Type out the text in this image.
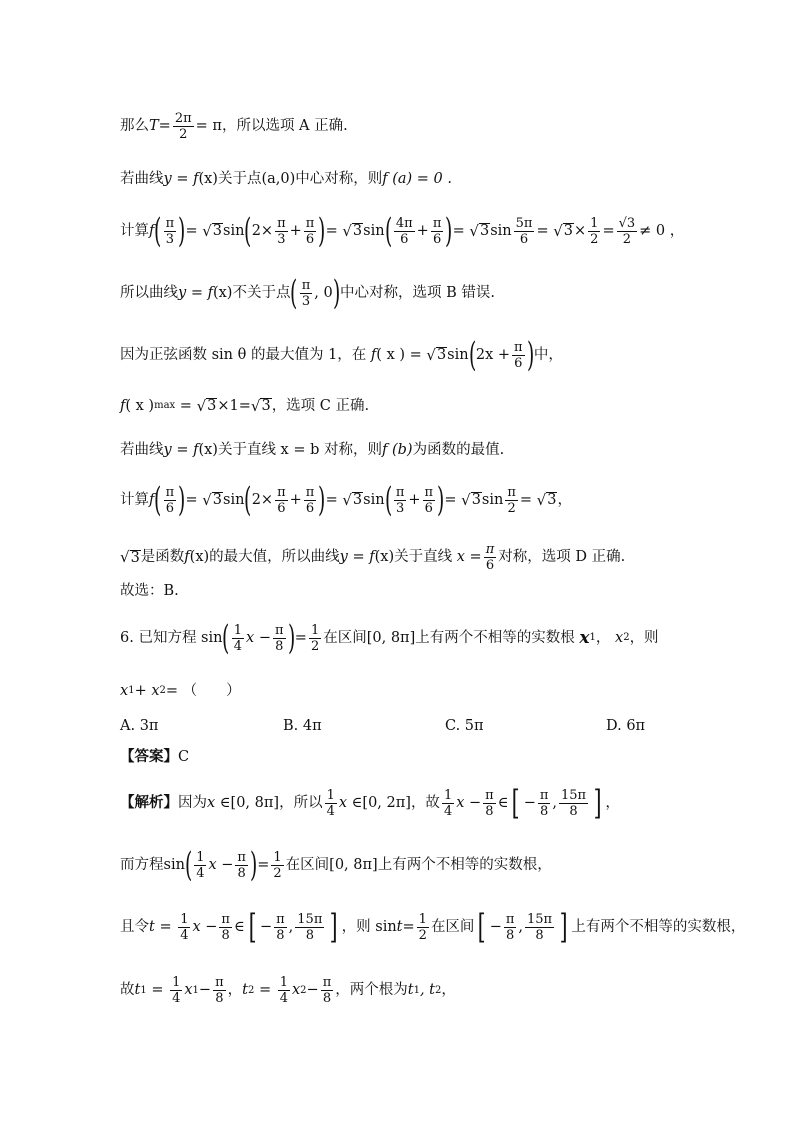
那么 $T = \frac{2\pi}{2} = \pi$，所以选项 A 正确.
若曲线 y
=
f (x)关于点(a,0)中心对称，则 f (a) = 0 .
计算 f ( $\frac{\pi}{3}$ ) =
√ 3 sin ( $2\times \frac{\pi}{3} + \frac{\pi}{6}$ ) =
√ 3 sin ( $\frac{4\pi}{6} + \frac{\pi}{6}$ ) =
√ 3 $\sin \frac{5\pi}{6}$ =
√ $3 \times \frac{1}{2} = \frac{√3}{2} \ne 0$ ，
所以曲线 y
=
f (x)不关于点 ( $\frac{\pi}{3}$ , 0 ) 中心对称，选项 B 错误.
因为正弦函数 sin θ 的最大值为 1，在
f ( x ) =
√ 3 sin ( $2x + \frac{\pi}{6}$ ) 中，
f ( x ) max
=
√ 3 ×1= √ 3 ，选项 C 正确.
若曲线 y
=
f (x)关于直线 x = b 对称，则 f (b) 为函数的最值.
计算 f ( $\frac{\pi}{6}$ ) =
√ 3 sin ( $2\times \frac{\pi}{6} + \frac{\pi}{6}$ ) =
√ 3 sin ( $\frac{\pi}{3} + \frac{\pi}{6}$ ) =
√ 3 $\sin \frac{\pi}{2}$ =
√ 3 ，
√ 3 是函数 f (x)的最大值，所以曲线 y
=
f (x)关于直线
x
= $\frac{\pi}{6}$ 对称，选项 D 正确.
故选：B.
6. 已知方程 sin ( $\frac{1}{4}$ $x - \frac{\pi}{8}$ ) = $\frac{1}{2}$ 在区间 [ 0, 8π ] 上有两个不相等的实数根
x 1 ，
x 2 ，则
x 1 + x 2 = （　　）
A. 3π	B. 4π	C. 5π	D. 6π
【答案】 C
【解析】 因为 x ∈ [ 0, 8π ] ，所以 $\frac{1}{4}$ x ∈ [ 0, 2π ] ，故 $\frac{1}{4}$ $x - \frac{\pi}{8}$ ∈ [ − $\frac{\pi}{8}$ , $\frac{15\pi}{8}$ ] ，
而方程 sin ( $\frac{1}{4}$ $x - \frac{\pi}{8}$ ) = $\frac{1}{2}$ 在区间 [ 0, 8π ] 上有两个不相等的实数根，
且令 t
=
$\frac{1}{4}$ $x - \frac{\pi}{8}$ ∈ [ − $\frac{\pi}{8}$ , $\frac{15\pi}{8}$ ] ，则 $\sin t = \frac{1}{2}$ 在区间 [ − $\frac{\pi}{8}$ , $\frac{15\pi}{8}$ ] 上有两个不相等的实数根，
故 t 1
=
$\frac{1}{4}$ x $1 - \frac{\pi}{8}$ ， t 2
=
$\frac{1}{4}$ x $2 - \frac{\pi}{8}$ ，两个根为 t 1 , t 2 ，
